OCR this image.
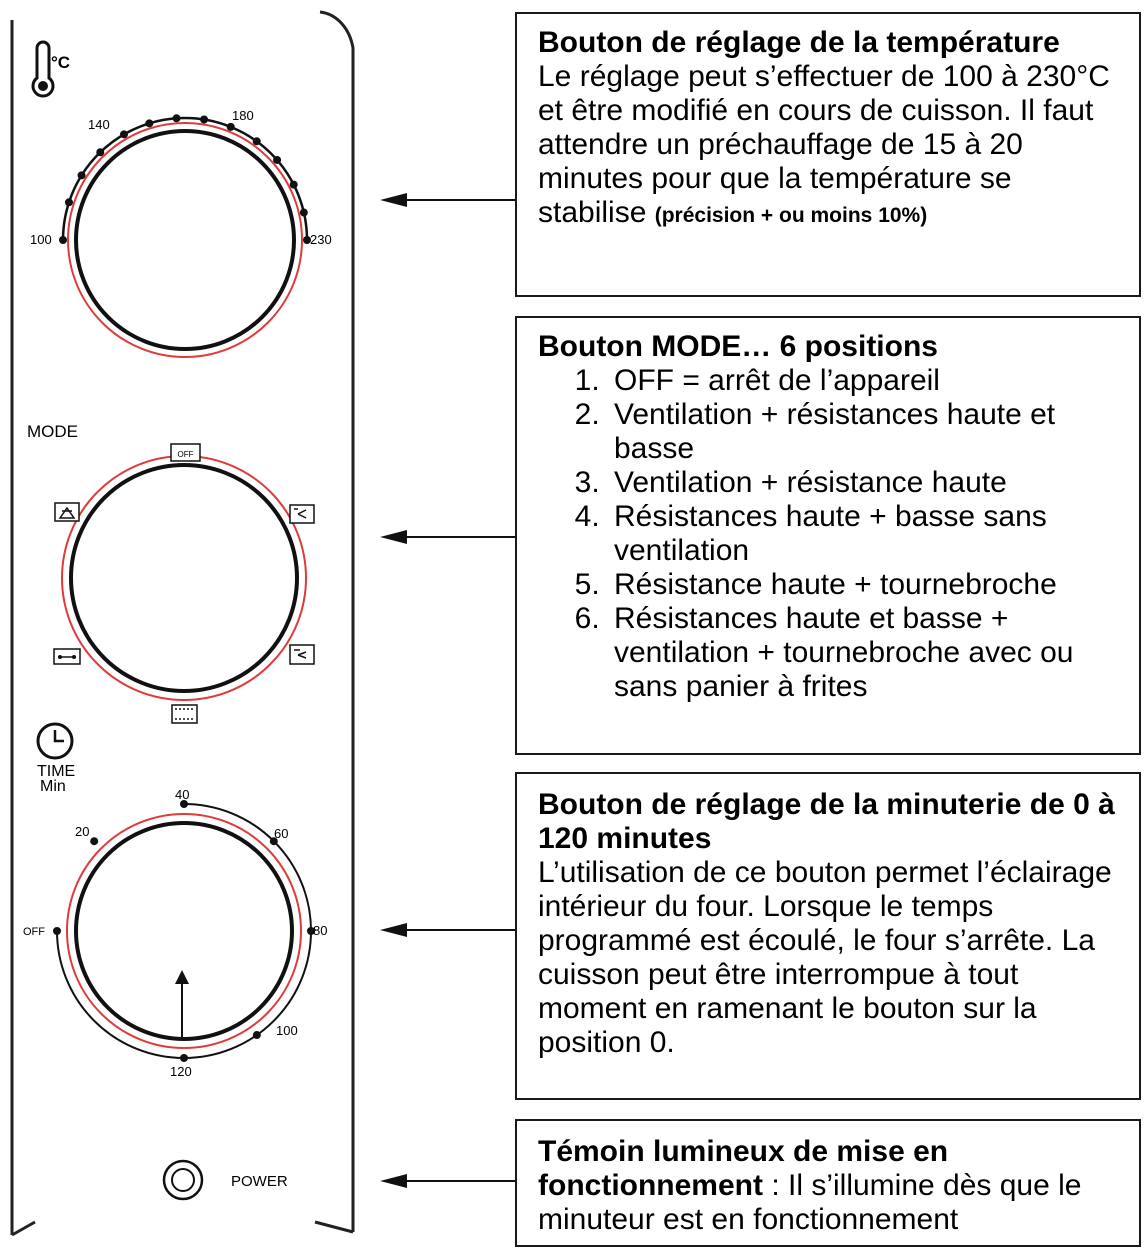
°C
100
140
180
230
MODE
OFF
TIME
Min
OFF
20
40
60
80
100
120
POWER
Bouton de réglage de la température
Le réglage peut s’effectuer de 100 à 230°C et être modifié en cours de cuisson. Il faut attendre un préchauffage de 15 à 20 minutes pour que la température se stabilise (précision + ou moins 10%)
Bouton MODE… 6 positions
1. OFF = arrêt de l’appareil
2. Ventilation + résistances haute et basse
3. Ventilation + résistance haute
4. Résistances haute + basse sans ventilation
5. Résistance haute + tournebroche
6. Résistances haute et basse + ventilation + tournebroche avec ou sans panier à frites
Bouton de réglage de la minuterie de 0 à 120 minutes
L’utilisation de ce bouton permet l’éclairage intérieur du four. Lorsque le temps programmé est écoulé, le four s’arrête. La cuisson peut être interrompue à tout moment en ramenant le bouton sur la position 0.
Témoin lumineux de mise en fonctionnement : Il s’illumine dès que le minuteur est en fonctionnement
